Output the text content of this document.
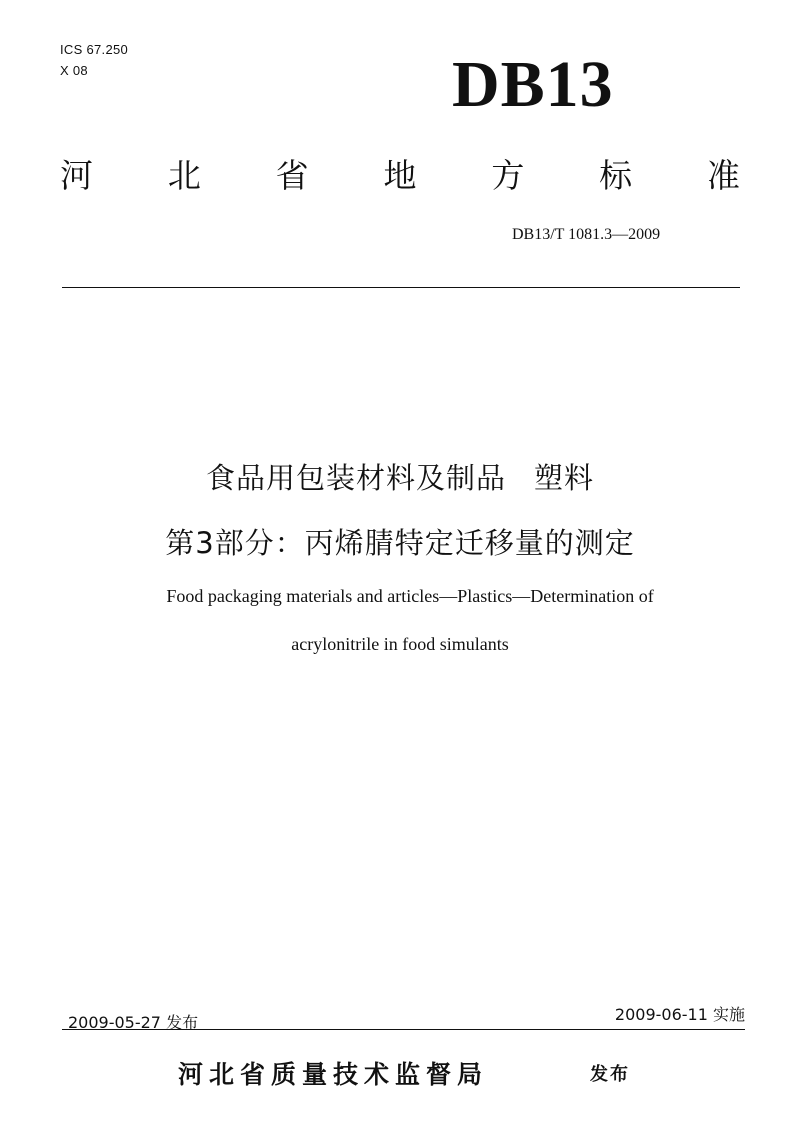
ICS 67.250

X 08	DB13
河 北 省 地 方 标 准
DB13/T 1081.3—2009
食品用包装材料及制品 塑料
第3部分：丙烯腈特定迁移量的测定
Food packaging materials and articles—Plastics—Determination of
acrylonitrile in food simulants
2009-05-27 发布	2009-06-11 实施
河北省质量技术监督局	发布
